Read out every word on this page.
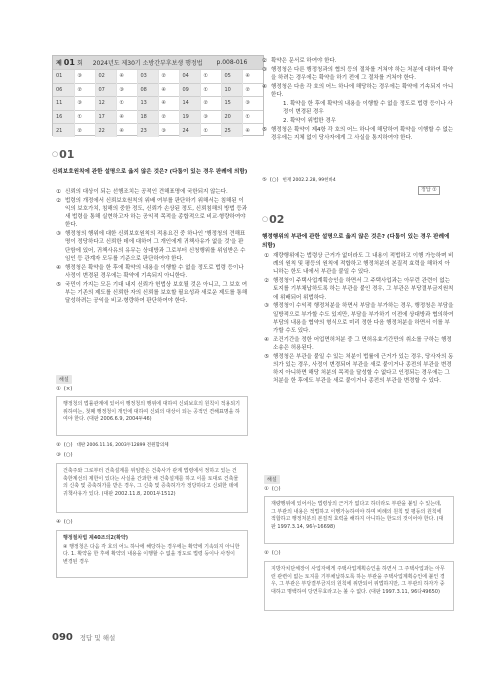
제 01 회 2024년도 제30기 소방간부후보생 행정법 p.008-016
01	③	02	④	03	②	04	①	05	④
06	②	07	③	08	④	09	①	10	②
11	③	12	①	13	④	14	②	15	③
16	①	17	④	18	②	19	③	20	①
21	②	22	④	23	③	24	①	25	④
○01
신뢰보호원칙에 관한 설명으로 옳지 않은 것은? (다툼이 있는 경우 판례에 의함)
① 신뢰의 대상이 되는 선행조치는 공적인 견해표명에 국한되지 않는다.
② 법령의 개정에서 신뢰보호원칙의 위배 여부를 판단하기 위해서는 침해된 이익의 보호가치, 침해의 중한 정도, 신뢰가 손상된 정도, 신뢰침해의 방법 등과 새 법령을 통해 실현하고자 하는 공익적 목적을 종합적으로 비교·형량하여야 한다.
③ 행정청의 행위에 대한 신뢰보호원칙의 적용요건 중 하나인 '행정청의 견해표명이 정당하다고 신뢰한 데에 대하여 그 개인에게 귀책사유가 없을 것'을 판단함에 있어, 귀책사유의 유무는 상대방과 그로부터 신청행위를 위임받은 수임인 등 관계자 모두를 기준으로 판단하여야 한다.
④ 행정청은 확약을 한 후에 확약의 내용을 이행할 수 없을 정도로 법령 등이나 사정이 변경된 경우에는 확약에 기속되지 아니한다.
⑤ 국민이 가지는 모든 기대 내지 신뢰가 헌법상 보호될 것은 아니고, 그 보호 여부는 기존의 제도를 신뢰한 자의 신뢰를 보호할 필요성과 새로운 제도를 통해 달성하려는 공익을 비교·형량하여 판단하여야 한다.
해설
① (×)
행정청의 법률관계에 있어서 행정청의 행위에 대하여 신뢰보호의 원칙이 적용되기 위하여는, 첫째 행정청이 개인에 대하여 신뢰의 대상이 되는 공적인 견해표명을 하여야 한다. (대판 2006.6.9, 2004두46)
② (○) 대판 2006.11.16, 2003두12899 전원합의체
③ (○)
건축주와 그로부터 건축설계를 위임받은 건축사가 관계 법령에서 정하고 있는 건축한계선의 제한이 있다는 사실을 간과한 채 건축설계를 하고 이를 토대로 건축물의 신축 및 증축허가를 받은 경우, 그 신축 및 증축허가가 정당하다고 신뢰한 데에 귀책사유가 있다. (대판 2002.11.8, 2001두1512)
④ (○)
행정절차법 제40조의2(확약)
④ 행정청은 다음 각 호의 어느 하나에 해당하는 경우에는 확약에 기속되지 아니한다. 1. 확약을 한 후에 확약의 내용을 이행할 수 없을 정도로 법령 등이나 사정이 변경된 경우
② 확약은 문서로 하여야 한다.
③ 행정청은 다른 행정청과의 협의 등의 절차를 거쳐야 하는 처분에 대하여 확약을 하려는 경우에는 확약을 하기 전에 그 절차를 거쳐야 한다.
④ 행정청은 다음 각 호의 어느 하나에 해당하는 경우에는 확약에 기속되지 아니한다.
1. 확약을 한 후에 확약의 내용을 이행할 수 없을 정도로 법령 등이나 사정이 변경된 경우
2. 확약이 위법한 경우
⑤ 행정청은 확약이 제4항 각 호의 어느 하나에 해당하여 확약을 이행할 수 없는 경우에는 지체 없이 당사자에게 그 사실을 통지하여야 한다.
⑤ (○) 헌재 2002.2.28, 99헌바4
정답 ①
○02
행정행위의 부관에 관한 설명으로 옳지 않은 것은? (다툼이 있는 경우 판례에 의함)
① 재량행위에는 법령상 근거가 없더라도 그 내용이 적법하고 이행 가능하며 비례의 원칙 및 평등의 원칙에 적합하고 행정처분의 본질적 효력을 해하지 아니하는 한도 내에서 부관을 붙일 수 있다.
② 행정청이 주택사업계획승인을 하면서 그 주택사업과는 아무런 관련이 없는 토지를 기부채납하도록 하는 부관을 붙인 경우, 그 부관은 부당결부금지원칙에 위배되어 위법하다.
③ 행정청이 수익적 행정처분을 하면서 부담을 부가하는 경우, 행정청은 부담을 일방적으로 부가할 수도 있지만, 부담을 부가하기 이전에 상대방과 협의하여 부담의 내용을 협약의 형식으로 미리 정한 다음 행정처분을 하면서 이를 부가할 수도 있다.
④ 조건기간을 정한 어업면허처분 중 그 면허유효기간만의 취소를 구하는 행정소송은 허용된다.
⑤ 행정청은 부관을 붙일 수 있는 처분이 법률에 근거가 있는 경우, 당사자의 동의가 있는 경우, 사정이 변경되어 부관을 새로 붙이거나 종전의 부관을 변경하지 아니하면 해당 처분의 목적을 달성할 수 없다고 인정되는 경우에는 그 처분을 한 후에도 부관을 새로 붙이거나 종전의 부관을 변경할 수 있다.
해설
① (○)
재량행위에 있어서는 법령상의 근거가 없다고 하더라도 부관을 붙일 수 있는데, 그 부관의 내용은 적법하고 이행가능하여야 하며 비례의 원칙 및 평등의 원칙에 적합하고 행정처분의 본질적 효력을 해하지 아니하는 한도의 것이어야 한다. (대판 1997.3.14, 96누16698)
② (○)
지방자치단체장이 사업자에게 주택사업계획승인을 하면서 그 주택사업과는 아무런 관련이 없는 토지를 기부채납하도록 하는 부관을 주택사업계획승인에 붙인 경우, 그 부관은 부당결부금지의 원칙에 위반되어 위법하지만, 그 부관의 하자가 중대하고 명백하여 당연무효라고는 볼 수 없다. (대판 1997.3.11, 96다49650)
090 정답 및 해설
